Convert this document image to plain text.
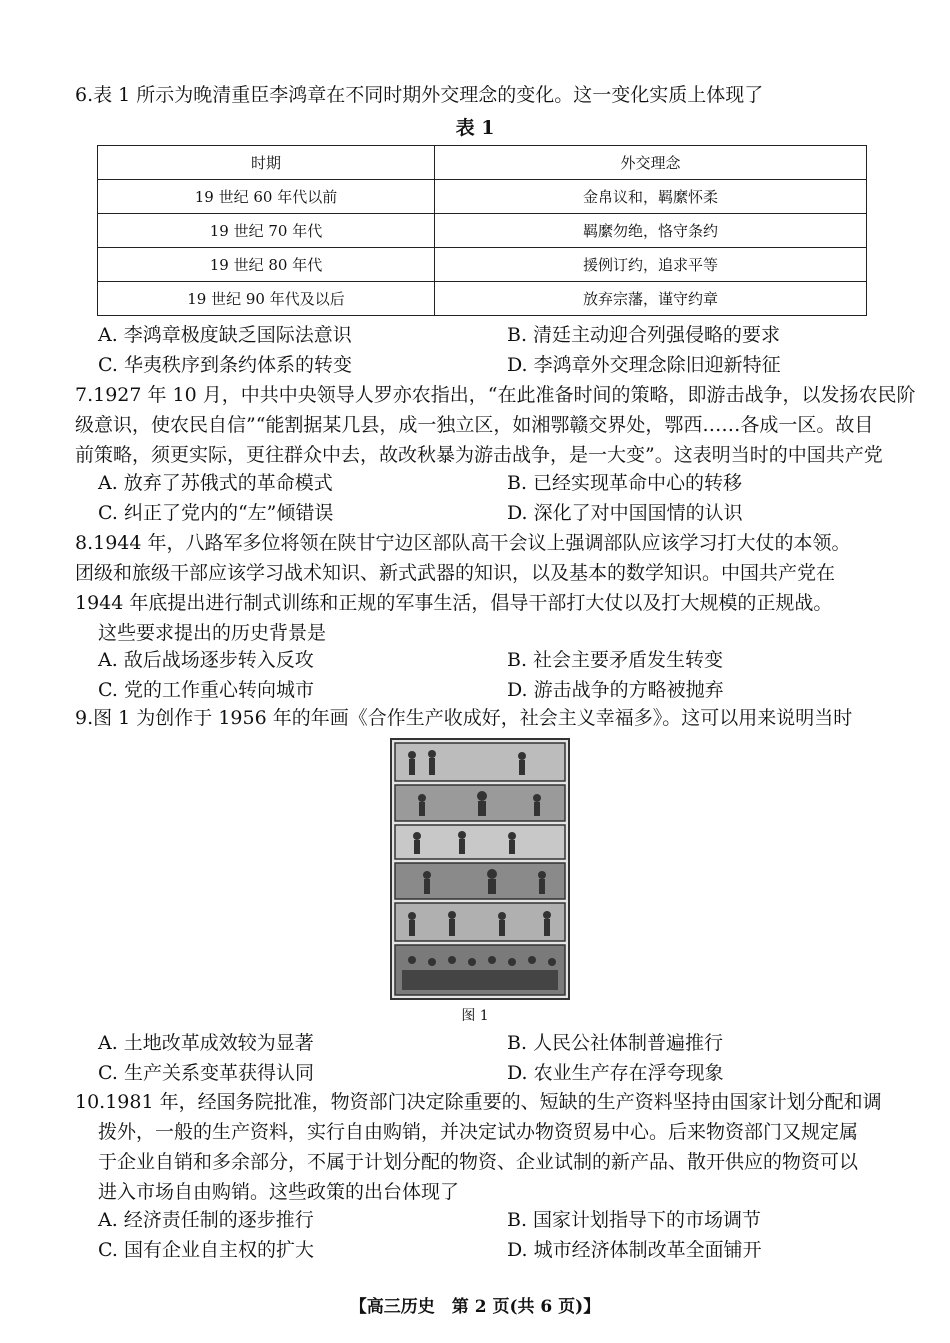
6.表 1 所示为晚清重臣李鸿章在不同时期外交理念的变化。这一变化实质上体现了
表 1
时期	外交理念
19 世纪 60 年代以前	金帛议和，羁縻怀柔
19 世纪 70 年代	羁縻勿绝，恪守条约
19 世纪 80 年代	援例订约，追求平等
19 世纪 90 年代及以后	放弃宗藩，谨守约章
A. 李鸿章极度缺乏国际法意识	B. 清廷主动迎合列强侵略的要求
C. 华夷秩序到条约体系的转变	D. 李鸿章外交理念除旧迎新特征
7.1927 年 10 月，中共中央领导人罗亦农指出，“在此准备时间的策略，即游击战争，以发扬农民阶
级意识，使农民自信”“能割据某几县，成一独立区，如湘鄂赣交界处，鄂西……各成一区。故目
前策略，须更实际，更往群众中去，故改秋暴为游击战争，是一大变”。这表明当时的中国共产党
A. 放弃了苏俄式的革命模式	B. 已经实现革命中心的转移
C. 纠正了党内的“左”倾错误	D. 深化了对中国国情的认识
8.1944 年，八路军多位将领在陕甘宁边区部队高干会议上强调部队应该学习打大仗的本领。
团级和旅级干部应该学习战术知识、新式武器的知识，以及基本的数学知识。中国共产党在
1944 年底提出进行制式训练和正规的军事生活，倡导干部打大仗以及打大规模的正规战。
这些要求提出的历史背景是
A. 敌后战场逐步转入反攻	B. 社会主要矛盾发生转变
C. 党的工作重心转向城市	D. 游击战争的方略被抛弃
9.图 1 为创作于 1956 年的年画《合作生产收成好，社会主义幸福多》。这可以用来说明当时
图 1
A. 土地改革成效较为显著	B. 人民公社体制普遍推行
C. 生产关系变革获得认同	D. 农业生产存在浮夸现象
10.1981 年，经国务院批准，物资部门决定除重要的、短缺的生产资料坚持由国家计划分配和调
拨外，一般的生产资料，实行自由购销，并决定试办物资贸易中心。后来物资部门又规定属
于企业自销和多余部分，不属于计划分配的物资、企业试制的新产品、散开供应的物资可以
进入市场自由购销。这些政策的出台体现了
A. 经济责任制的逐步推行	B. 国家计划指导下的市场调节
C. 国有企业自主权的扩大	D. 城市经济体制改革全面铺开
【高三历史　第 2 页(共 6 页)】
